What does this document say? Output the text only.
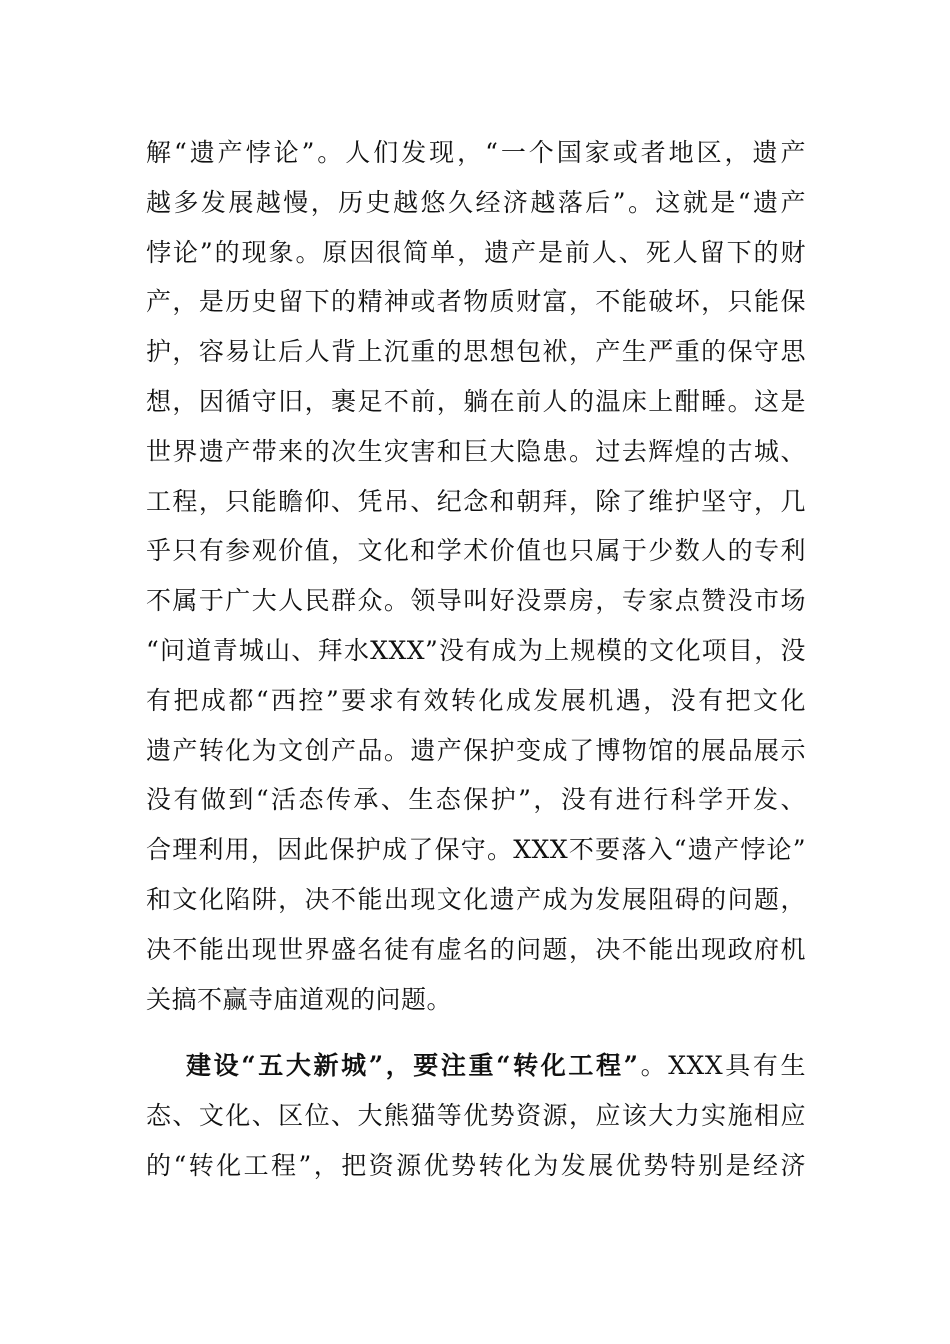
解“遗产悖论”。人们发现，“一个国家或者地区，遗产
越多发展越慢，历史越悠久经济越落后”。这就是“遗产
悖论”的现象。原因很简单，遗产是前人、死人留下的财
产，是历史留下的精神或者物质财富，不能破坏，只能保
护，容易让后人背上沉重的思想包袱，产生严重的保守思
想，因循守旧，裹足不前，躺在前人的温床上酣睡。这是
世界遗产带来的次生灾害和巨大隐患。过去辉煌的古城、
工程，只能瞻仰、凭吊、纪念和朝拜，除了维护坚守，几
乎只有参观价值，文化和学术价值也只属于少数人的专利
不属于广大人民群众。领导叫好没票房，专家点赞没市场
“问道青城山、拜水XXX”没有成为上规模的文化项目，没
有把成都“西控”要求有效转化成发展机遇，没有把文化
遗产转化为文创产品。遗产保护变成了博物馆的展品展示
没有做到“活态传承、生态保护”，没有进行科学开发、
合理利用，因此保护成了保守。XXX不要落入“遗产悖论”
和文化陷阱，决不能出现文化遗产成为发展阻碍的问题，
决不能出现世界盛名徒有虚名的问题，决不能出现政府机
关搞不赢寺庙道观的问题。
建设“五大新城”，要注重“转化工程”。XXX具有生
态、文化、区位、大熊猫等优势资源，应该大力实施相应
的“转化工程”，把资源优势转化为发展优势特别是经济
